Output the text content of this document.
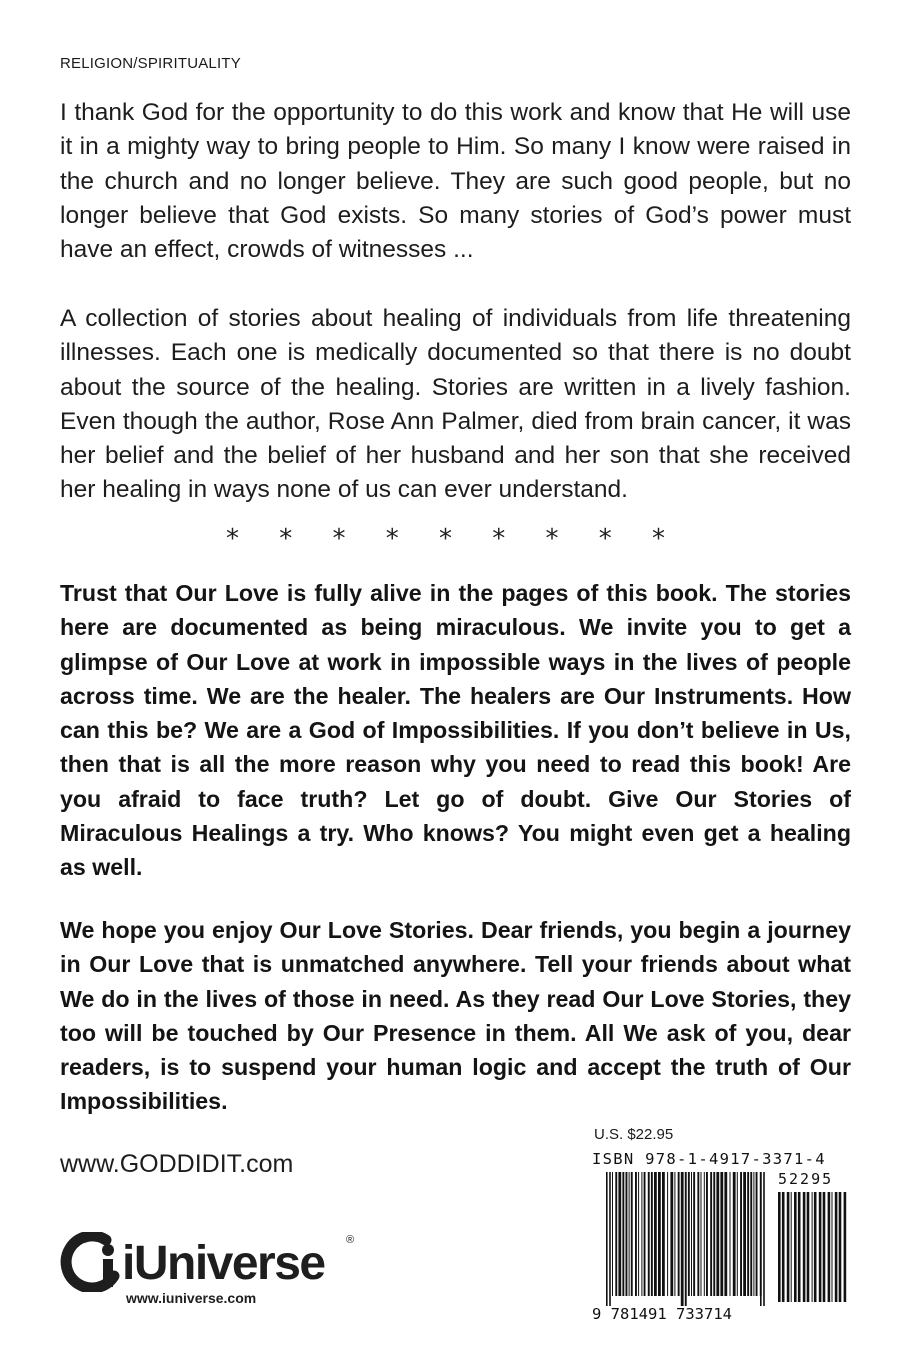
RELIGION/SPIRITUALITY

I thank God for the opportunity to do this work and know that He will use it in a mighty way to bring people to Him. So many I know were raised in the church and no longer believe. They are such good people, but no longer believe that God exists. So many stories of God’s power must have an effect, crowds of witnesses ...

A collection of stories about healing of individuals from life threatening illnesses. Each one is medically documented so that there is no doubt about the source of the healing. Stories are written in a lively fashion. Even though the author, Rose Ann Palmer, died from brain cancer, it was her belief and the belief of her husband and her son that she received her healing in ways none of us can ever understand.

* * * * * * * * *

Trust that Our Love is fully alive in the pages of this book. The stories here are documented as being miraculous. We invite you to get a glimpse of Our Love at work in impossible ways in the lives of people across time. We are the healer. The healers are Our Instruments. How can this be? We are a God of Impossibilities. If you don’t believe in Us, then that is all the more reason why you need to read this book! Are you afraid to face truth? Let go of doubt. Give Our Stories of Miraculous Healings a try. Who knows? You might even get a healing as well.

We hope you enjoy Our Love Stories. Dear friends, you begin a journey in Our Love that is unmatched anywhere. Tell your friends about what We do in the lives of those in need. As they read Our Love Stories, they too will be touched by Our Presence in them. All We ask of you, dear readers, is to suspend your human logic and accept the truth of Our Impossibilities.

www.GODDIDIT.com
iUniverse ®
www.iuniverse.com
U.S. $22.95
ISBN 978-1-4917-3371-4
52295
9 781491 733714
